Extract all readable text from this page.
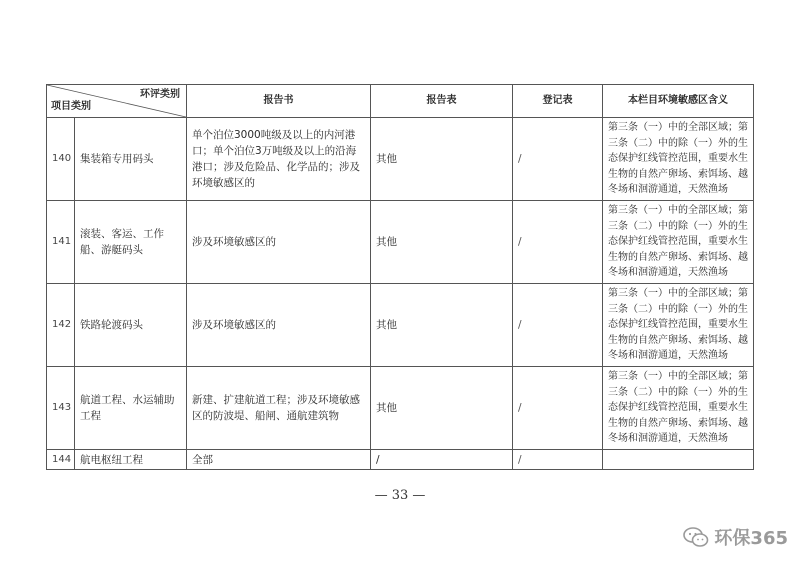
环评类别
项目类别		报告书	报告表	登记表	本栏目环境敏感区含义
140	集装箱专用码头	单个泊位3000吨级及以上的内河港口；单个泊位3万吨级及以上的沿海港口；涉及危险品、化学品的；涉及环境敏感区的	其他	/	第三条（一）中的全部区域；第三条（二）中的除（一）外的生态保护红线管控范围，重要水生生物的自然产卵场、索饵场、越冬场和洄游通道，天然渔场
141	滚装、客运、工作船、游艇码头	涉及环境敏感区的	其他	/	第三条（一）中的全部区域；第三条（二）中的除（一）外的生态保护红线管控范围，重要水生生物的自然产卵场、索饵场、越冬场和洄游通道，天然渔场
142	铁路轮渡码头	涉及环境敏感区的	其他	/	第三条（一）中的全部区域；第三条（二）中的除（一）外的生态保护红线管控范围，重要水生生物的自然产卵场、索饵场、越冬场和洄游通道，天然渔场
143	航道工程、水运辅助工程	新建、扩建航道工程；涉及环境敏感区的防波堤、船闸、通航建筑物	其他	/	第三条（一）中的全部区域；第三条（二）中的除（一）外的生态保护红线管控范围，重要水生生物的自然产卵场、索饵场、越冬场和洄游通道，天然渔场
144	航电枢纽工程	全部	/	/	
— 33 —
环保365
